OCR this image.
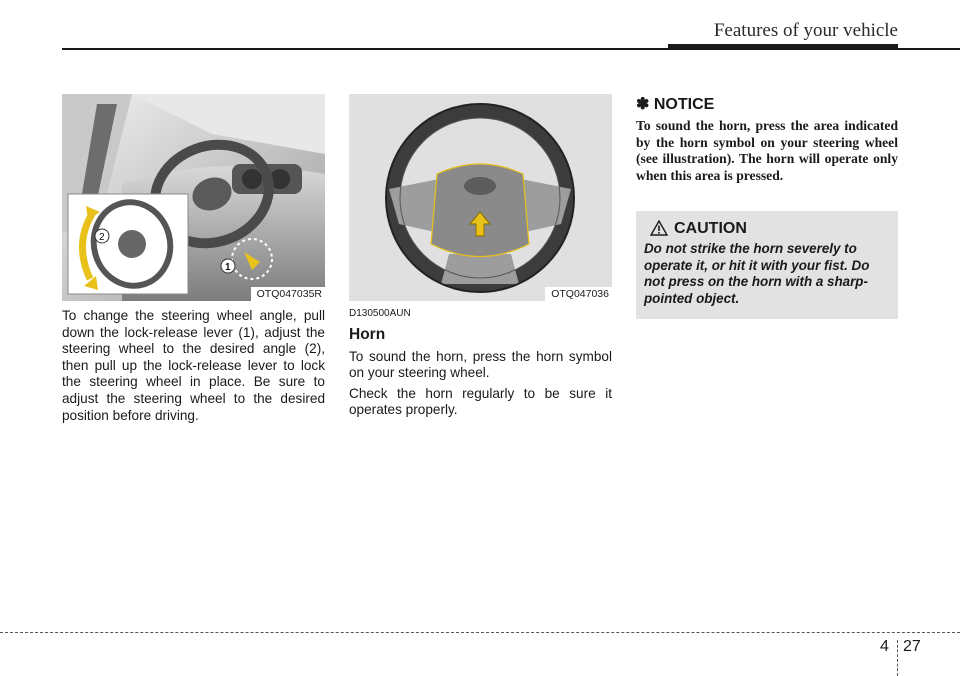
Features of your vehicle
2
1
OTQ047035R

To change the steering wheel angle, pull down the lock-release lever (1), adjust the steering wheel to the desired angle (2), then pull up the lock-release lever to lock the steering wheel in place. Be sure to adjust the steering wheel to the desired position before driving.

OTQ047036
D130500AUN
Horn
To sound the horn, press the horn symbol on your steering wheel.
Check the horn regularly to be sure it operates properly.
✽ NOTICE
To sound the horn, press the area indicated by the horn symbol on your steering wheel (see illustration). The horn will operate only when this area is pressed.
CAUTION
Do not strike the horn severely to operate it, or hit it with your fist. Do not press on the horn with a sharp-pointed object.
4 27
